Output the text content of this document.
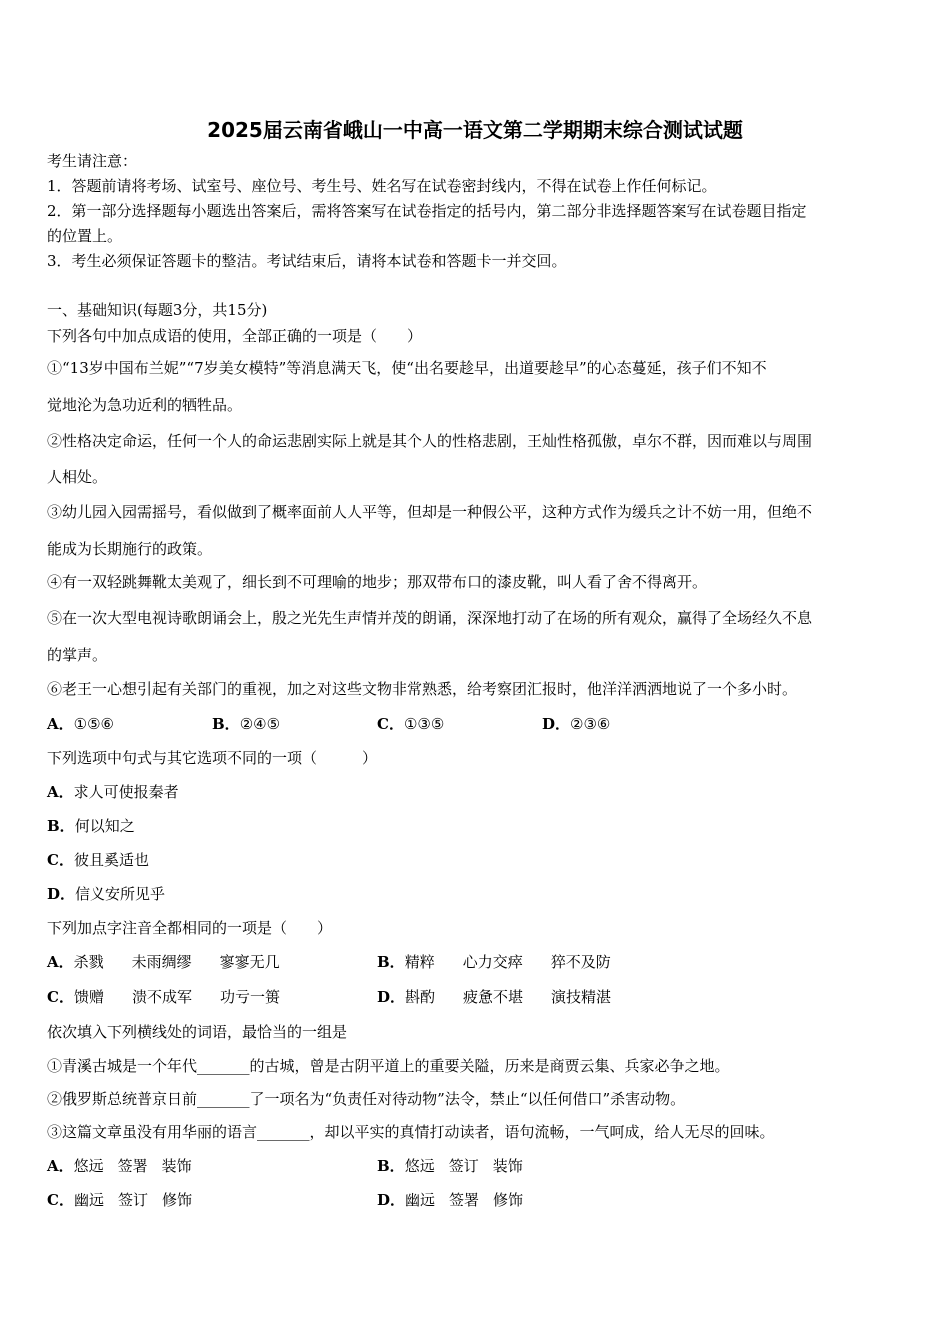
2025届云南省峨山一中高一语文第二学期期末综合测试试题
考生请注意：
1．答题前请将考场、试室号、座位号、考生号、姓名写在试卷密封线内，不得在试卷上作任何标记。
2．第一部分选择题每小题选出答案后，需将答案写在试卷指定的括号内，第二部分非选择题答案写在试卷题目指定
的位置上。
3．考生必须保证答题卡的整洁。考试结束后，请将本试卷和答题卡一并交回。
一、基础知识(每题3分，共15分)
下列各句中加点成语的使用，全部正确的一项是（　　）
①“13岁中国布兰妮”“7岁美女模特”等消息满天飞，使“出名要趁早，出道要趁早”的心态蔓延，孩子们不知不
觉地沦为急功近利的牺牲品。
②性格决定命运，任何一个人的命运悲剧实际上就是其个人的性格悲剧，王灿性格孤傲，卓尔不群，因而难以与周围
人相处。
③幼儿园入园需摇号，看似做到了概率面前人人平等，但却是一种假公平，这种方式作为缓兵之计不妨一用，但绝不
能成为长期施行的政策。
④有一双轻跳舞靴太美观了，细长到不可理喻的地步；那双带布口的漆皮靴，叫人看了舍不得离开。
⑤在一次大型电视诗歌朗诵会上，殷之光先生声情并茂的朗诵，深深地打动了在场的所有观众，赢得了全场经久不息
的掌声。
⑥老王一心想引起有关部门的重视，加之对这些文物非常熟悉，给考察团汇报时，他洋洋洒洒地说了一个多小时。
A．①⑤⑥	B．②④⑤	C．①③⑤	D．②③⑥
下列选项中句式与其它选项不同的一项（　　　）
A．求人可使报秦者
B．何以知之
C．彼且奚适也
D．信义安所见乎
下列加点字注音全都相同的一项是（　　）
A．杀戮 未雨绸缪 寥寥无几	B．精粹 心力交瘁 猝不及防
C．馈赠 溃不成军 功亏一篑	D．斟酌 疲惫不堪 演技精湛
依次填入下列横线处的词语，最恰当的一组是
①青溪古城是一个年代_______的古城，曾是古阴平道上的重要关隘，历来是商贾云集、兵家必争之地。
②俄罗斯总统普京日前_______了一项名为“负责任对待动物”法令，禁止“以任何借口”杀害动物。
③这篇文章虽没有用华丽的语言_______，却以平实的真情打动读者，语句流畅，一气呵成，给人无尽的回味。
A．悠远 签署 装饰	B．悠远 签订 装饰
C．幽远 签订 修饰	D．幽远 签署 修饰
